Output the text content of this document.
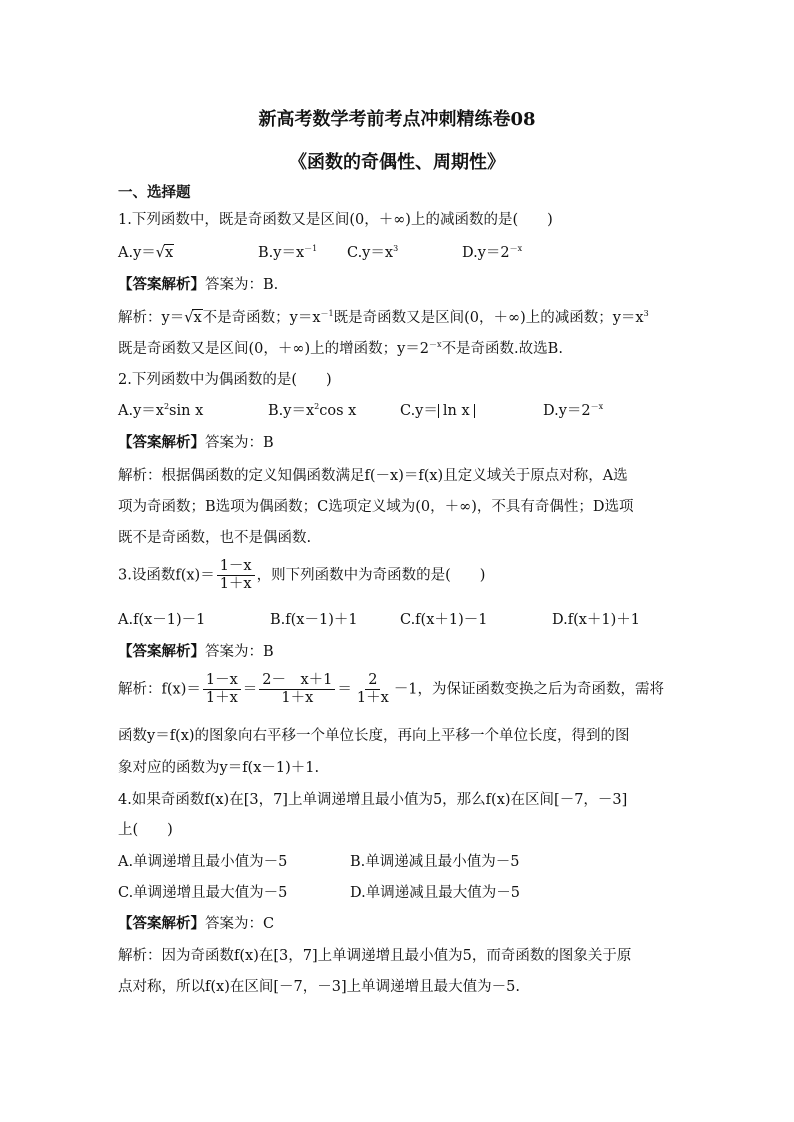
新高考数学考前考点冲刺精练卷08
《函数的奇偶性、周期性》
一、选择题
1.下列函数中，既是奇函数又是区间(0，＋∞)上的减函数的是(　　)
A.y＝√x	$B.y=x^{-1}$ $C.y=x^3$	$D.y=2^{-x}$
【答案解析】答案为：B.
解析：y＝√x不是奇函数；$y=x^{-1}$既是奇函数又是区间(0，＋∞)上的减函数；$y=x^3$
既是奇函数又是区间(0，＋∞)上的增函数；$y=2^{-x}$不是奇函数.故选B.
2.下列函数中为偶函数的是(　　)
$A.y=x^2\sin$ x	$B.y=x^2\cos$ x	C.y＝ ln x	$D.y=2^{-x}$
【答案解析】答案为：B
解析：根据偶函数的定义知偶函数满足f(－x)＝f(x)且定义域关于原点对称，A选
项为奇函数；B选项为偶函数；C选项定义域为(0，＋∞)，不具有奇偶性；D选项
既不是奇函数，也不是偶函数.
3.设函数$f(x)= \frac{1-x}{1+x}$ ，则下列函数中为奇函数的是(　　)
A.f(x－1)－1	B.f(x－1)＋1	C.f(x＋1)－1	D.f(x＋1)＋1
【答案解析】答案为：B
解析：$f(x)= \frac{1-x}{1+x} = \frac{2- x+1}{1+x} = \frac{2}{1+x} -1$，为保证函数变换之后为奇函数，需将
函数y＝f(x)的图象向右平移一个单位长度，再向上平移一个单位长度，得到的图
象对应的函数为y＝f(x－1)＋1.
4.如果奇函数f(x)在[3，7]上单调递增且最小值为5，那么f(x)在区间[－7，－3]
上(　　)
A.单调递增且最小值为－5	B.单调递减且最小值为－5
C.单调递增且最大值为－5	D.单调递减且最大值为－5
【答案解析】答案为：C
解析：因为奇函数f(x)在[3，7]上单调递增且最小值为5，而奇函数的图象关于原
点对称，所以f(x)在区间[－7，－3]上单调递增且最大值为－5.
